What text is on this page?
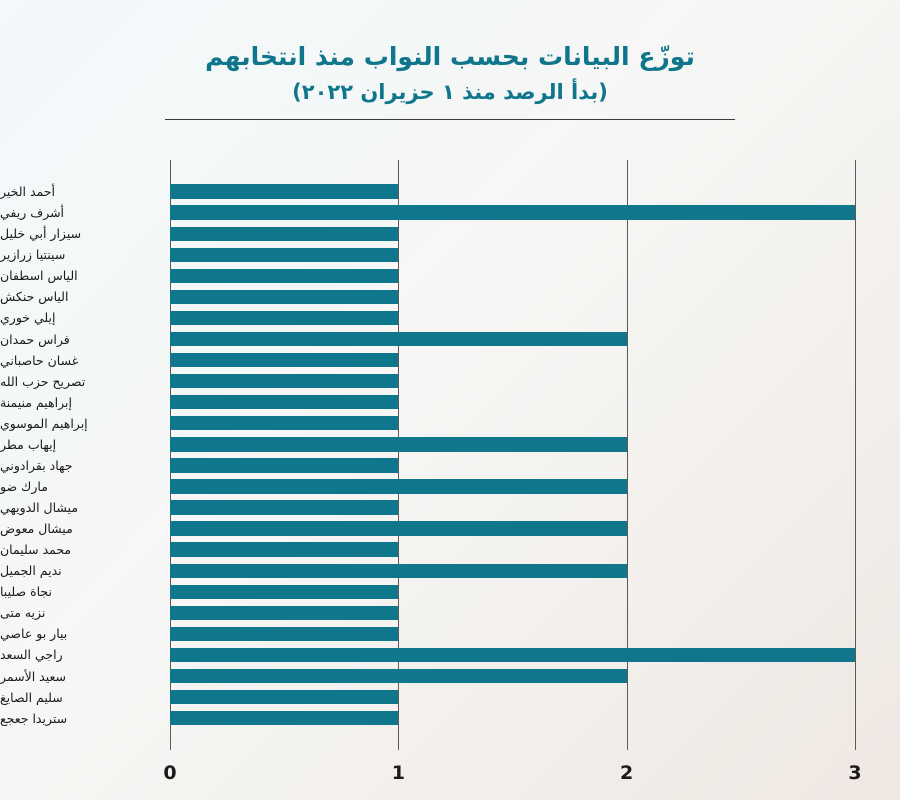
توزّع البيانات بحسب النواب منذ انتخابهم
(بدأ الرصد منذ ١ حزيران ٢٠٢٢)
أحمد الخير
أشرف ريفي
سيزار أبي خليل
سينتيا زرازير
الياس اسطفان
الياس حنكش
إيلي خوري
فراس حمدان
غسان حاصباني
تصريح حزب الله
إبراهيم منيمنة
إبراهيم الموسوي
إيهاب مطر
جهاد بقرادوني
مارك ضو
ميشال الدويهي
ميشال معوض
محمد سليمان
نديم الجميل
نجاة صليبا
نزيه متى
بيار بو عاصي
راجي السعد
سعيد الأسمر
سليم الصايغ
ستريدا جعجع
0	1	2	3
